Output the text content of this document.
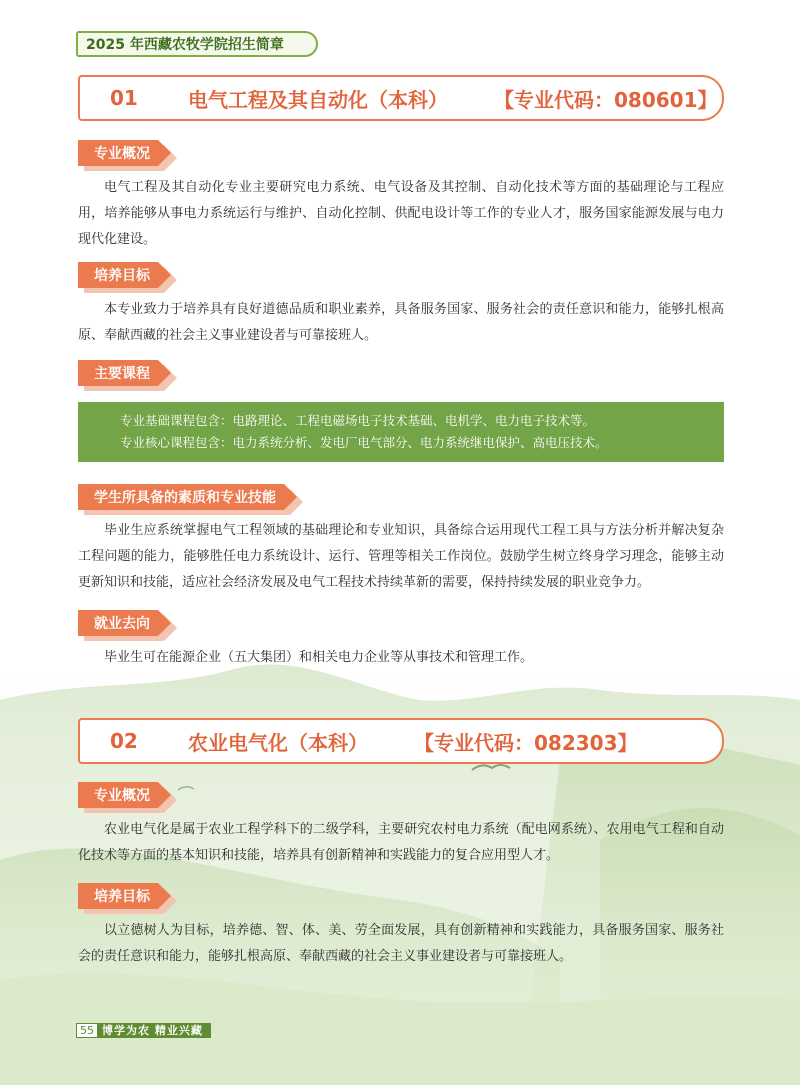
2025 年西藏农牧学院招生简章
01	电气工程及其自动化（本科） 【专业代码：080601】
专业概况

电气工程及其自动化专业主要研究电力系统、电气设备及其控制、自动化技术等方面的基础理论与工程应用，培养能够从事电力系统运行与维护、自动化控制、供配电设计等工作的专业人才，服务国家能源发展与电力现代化建设。

培养目标

本专业致力于培养具有良好道德品质和职业素养，具备服务国家、服务社会的责任意识和能力，能够扎根高原、奉献西藏的社会主义事业建设者与可靠接班人。

主要课程
专业基础课程包含：电路理论、工程电磁场电子技术基础、电机学、电力电子技术等。
专业核心课程包含：电力系统分析、发电厂电气部分、电力系统继电保护、高电压技术。
学生所具备的素质和专业技能

毕业生应系统掌握电气工程领域的基础理论和专业知识，具备综合运用现代工程工具与方法分析并解决复杂工程问题的能力，能够胜任电力系统设计、运行、管理等相关工作岗位。鼓励学生树立终身学习理念，能够主动更新知识和技能，适应社会经济发展及电气工程技术持续革新的需要，保持持续发展的职业竞争力。

就业去向

毕业生可在能源企业（五大集团）和相关电力企业等从事技术和管理工作。

02	农业电气化（本科） 【专业代码：082303】
专业概况

农业电气化是属于农业工程学科下的二级学科，主要研究农村电力系统（配电网系统）、农用电气工程和自动化技术等方面的基本知识和技能，培养具有创新精神和实践能力的复合应用型人才。

培养目标

以立德树人为目标，培养德、智、体、美、劳全面发展，具有创新精神和实践能力，具备服务国家、服务社会的责任意识和能力，能够扎根高原、奉献西藏的社会主义事业建设者与可靠接班人。

55 博学为农 精业兴藏
